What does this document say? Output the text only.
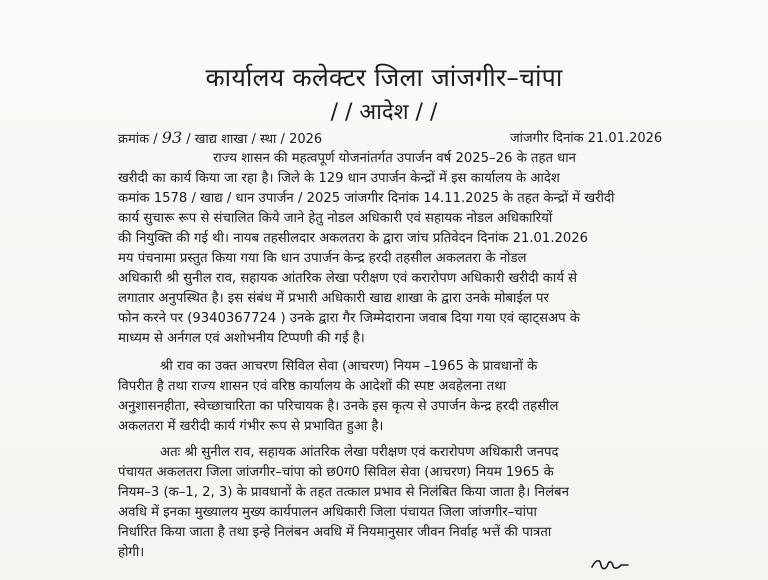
कार्यालय कलेक्टर जिला जांजगीर–चांपा
/ / आदेश / /
क्रमांक / 93 / खाद्य शाखा / स्था / 2026	जांजगीर दिनांक 21.01.2026
राज्य शासन की महत्वपूर्ण योजनांतर्गत उपार्जन वर्ष 2025–26 के तहत धान
खरीदी का कार्य किया जा रहा है। जिले के 129 धान उपार्जन केन्द्रों में इस कार्यालय के आदेश
कमांक 1578 / खाद्य / धान उपार्जन / 2025 जांजगीर दिनांक 14.11.2025 के तहत केन्द्रों में खरीदी
कार्य सुचारू रूप से संचालित किये जाने हेतु नोडल अधिकारी एवं सहायक नोडल अधिकारियों
की नियुक्ति की गई थी। नायब तहसीलदार अकलतरा के द्वारा जांच प्रतिवेदन दिनांक 21.01.2026
मय पंचनामा प्रस्तुत किया गया कि धान उपार्जन केन्द्र हरदी तहसील अकलतरा के नोडल
अधिकारी श्री सुनील राव, सहायक आंतरिक लेखा परीक्षण एवं करारोपण अधिकारी खरीदी कार्य से
लगातार अनुपस्थित है। इस संबंध में प्रभारी अधिकारी खाद्य शाखा के द्वारा उनके मोबाईल पर
फोन करने पर (9340367724 ) उनके द्वारा गैर जिम्मेदाराना जवाब दिया गया एवं व्हाट्सअप के
माध्यम से अर्नगल एवं अशोभनीय टिप्पणी की गई है।
श्री राव का उक्त आचरण सिविल सेवा (आचरण) नियम –1965 के प्रावधानों के
विपरीत है तथा राज्य शासन एवं वरिष्ठ कार्यालय के आदेशों की स्पष्ट अवहेलना तथा
अनुशासनहीता, स्वेच्छाचारिता का परिचायक है। उनके इस कृत्य से उपार्जन केन्द्र हरदी तहसील
अकलतरा में खरीदी कार्य गंभीर रूप से प्रभावित हुआ है।
अतः श्री सुनील राव, सहायक आंतरिक लेखा परीक्षण एवं करारोपण अधिकारी जनपद
पंचायत अकलतरा जिला जांजगीर–चांपा को छ0ग0 सिविल सेवा (आचरण) नियम 1965 के
नियम–3 (क–1, 2, 3) के प्रावधानों के तहत तत्काल प्रभाव से निलंबित किया जाता है। निलंबन
अवधि में इनका मुख्यालय मुख्य कार्यपालन अधिकारी जिला पंचायत जिला जांजगीर–चांपा
निर्धारित किया जाता है तथा इन्हे निलंबन अवधि में नियमानुसार जीवन निर्वाह भत्तें की पात्रता
होगी।
